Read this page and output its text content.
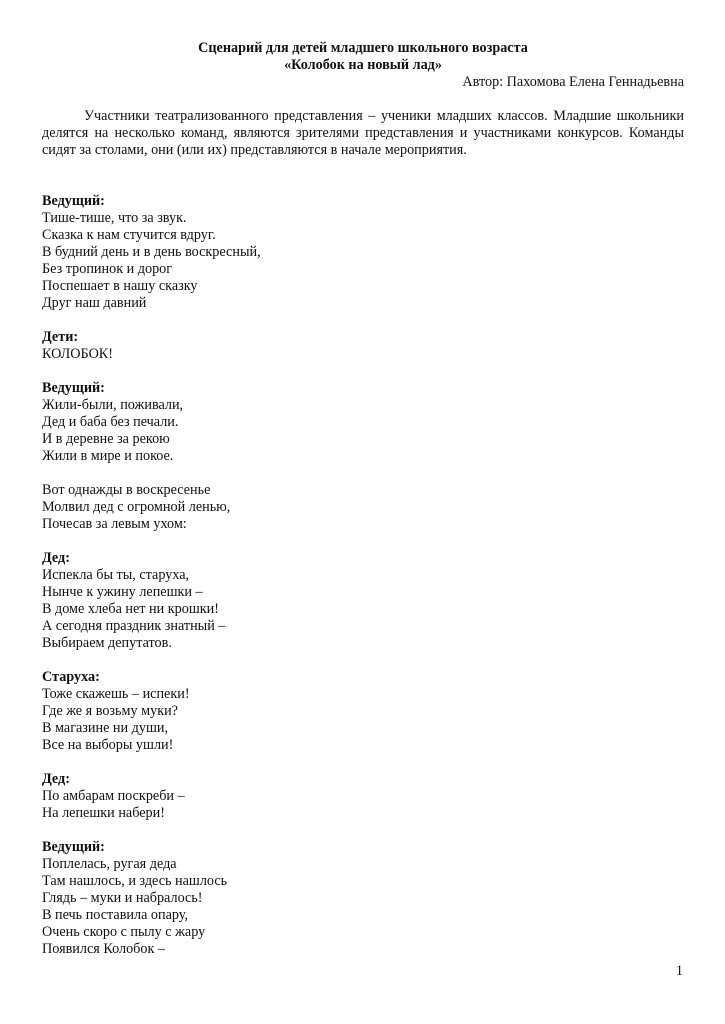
Сценарий для детей младшего школьного возраста

«Колобок на новый лад»

Автор: Пахомова Елена Геннадьевна

Участники театрализованного представления – ученики младших классов. Младшие школьники делятся на несколько команд, являются зрителями представления и участниками конкурсов. Команды сидят за столами, они (или их) представляются в начале мероприятия.

Ведущий:

Тише-тише, что за звук.

Сказка к нам стучится вдруг.

В будний день и в день воскресный,

Без тропинок и дорог

Поспешает в нашу сказку

Друг наш давний

Дети:

КОЛОБОК!

Ведущий:

Жили-были, поживали,

Дед и баба без печали.

И в деревне за рекою

Жили в мире и покое.

Вот однажды в воскресенье

Молвил дед с огромной ленью,

Почесав за левым ухом:

Дед:

Испекла бы ты, старуха,

Нынче к ужину лепешки –

В доме хлеба нет ни крошки!

А сегодня праздник знатный –

Выбираем депутатов.

Старуха:

Тоже скажешь – испеки!

Где же я возьму муки?

В магазине ни души,

Все на выборы ушли!

Дед:

По амбарам поскреби –

На лепешки набери!

Ведущий:

Поплелась, ругая деда

Там нашлось, и здесь нашлось

Глядь – муки и набралось!

В печь поставила опару,

Очень скоро с пылу с жару

Появился Колобок –

1
